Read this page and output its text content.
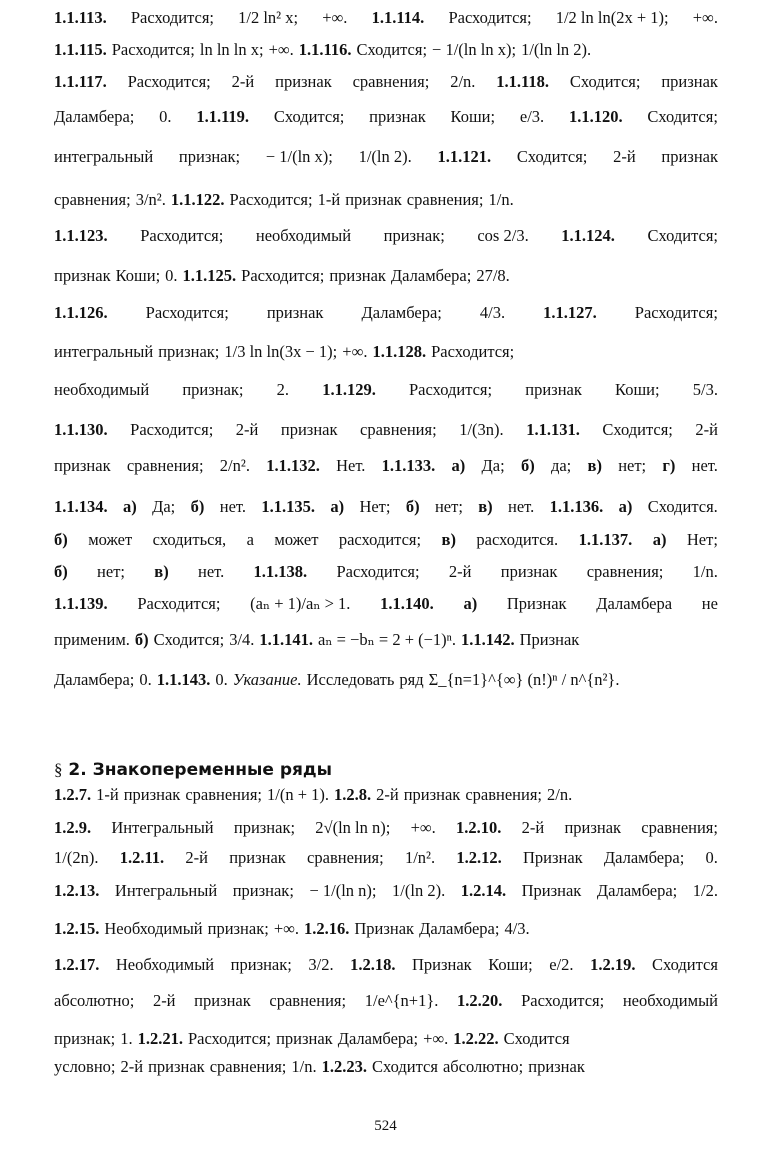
1.1.113. Расходится; 1/2 ln² x; +∞. 1.1.114. Расходится; 1/2 ln ln(2x + 1); +∞.
1.1.115. Расходится; ln ln ln x; +∞. 1.1.116. Сходится; − 1/(ln ln x); 1/(ln ln 2).
1.1.117. Расходится; 2-й признак сравнения; 2/n. 1.1.118. Сходится; признак
Даламбера; 0. 1.1.119. Сходится; признак Коши; e/3. 1.1.120. Сходится;
интегральный признак; − 1/(ln x); 1/(ln 2). 1.1.121. Сходится; 2-й признак
сравнения; 3/n². 1.1.122. Расходится; 1-й признак сравнения; 1/n.
1.1.123. Расходится; необходимый признак; cos 2/3. 1.1.124. Сходится;
признак Коши; 0. 1.1.125. Расходится; признак Даламбера; 27/8.
1.1.126. Расходится; признак Даламбера; 4/3. 1.1.127. Расходится;
интегральный признак; 1/3 ln ln(3x − 1); +∞. 1.1.128. Расходится;
необходимый признак; 2. 1.1.129. Расходится; признак Коши; 5/3.
1.1.130. Расходится; 2-й признак сравнения; 1/(3n). 1.1.131. Сходится; 2-й
признак сравнения; 2/n². 1.1.132. Нет. 1.1.133. а) Да; б) да; в) нет; г) нет.
1.1.134. а) Да; б) нет. 1.1.135. а) Нет; б) нет; в) нет. 1.1.136. а) Сходится.
б) может сходиться, а может расходится; в) расходится. 1.1.137. а) Нет;
б) нет; в) нет. 1.1.138. Расходится; 2-й признак сравнения; 1/n.
1.1.139. Расходится; (aₙ + 1)/aₙ > 1. 1.1.140. а) Признак Даламбера не
применим. б) Сходится; 3/4. 1.1.141. aₙ = −bₙ = 2 + (−1)ⁿ. 1.1.142. Признак
Даламбера; 0. 1.1.143. 0. Указание. Исследовать ряд Σ_{n=1}^{∞} (n!)ⁿ / n^{n²}.
1.2.7. 1-й признак сравнения; 1/(n + 1). 1.2.8. 2-й признак сравнения; 2/n.
1.2.9. Интегральный признак; 2√(ln ln n); +∞. 1.2.10. 2-й признак сравнения;
1/(2n). 1.2.11. 2-й признак сравнения; 1/n². 1.2.12. Признак Даламбера; 0.
1.2.13. Интегральный признак; − 1/(ln n); 1/(ln 2). 1.2.14. Признак Даламбера; 1/2.
1.2.15. Необходимый признак; +∞. 1.2.16. Признак Даламбера; 4/3.
1.2.17. Необходимый признак; 3/2. 1.2.18. Признак Коши; e/2. 1.2.19. Сходится
абсолютно; 2-й признак сравнения; 1/e^{n+1}. 1.2.20. Расходится; необходимый
признак; 1. 1.2.21. Расходится; признак Даламбера; +∞. 1.2.22. Сходится
условно; 2-й признак сравнения; 1/n. 1.2.23. Сходится абсолютно; признак
§ 2. Знакопеременные ряды
524
